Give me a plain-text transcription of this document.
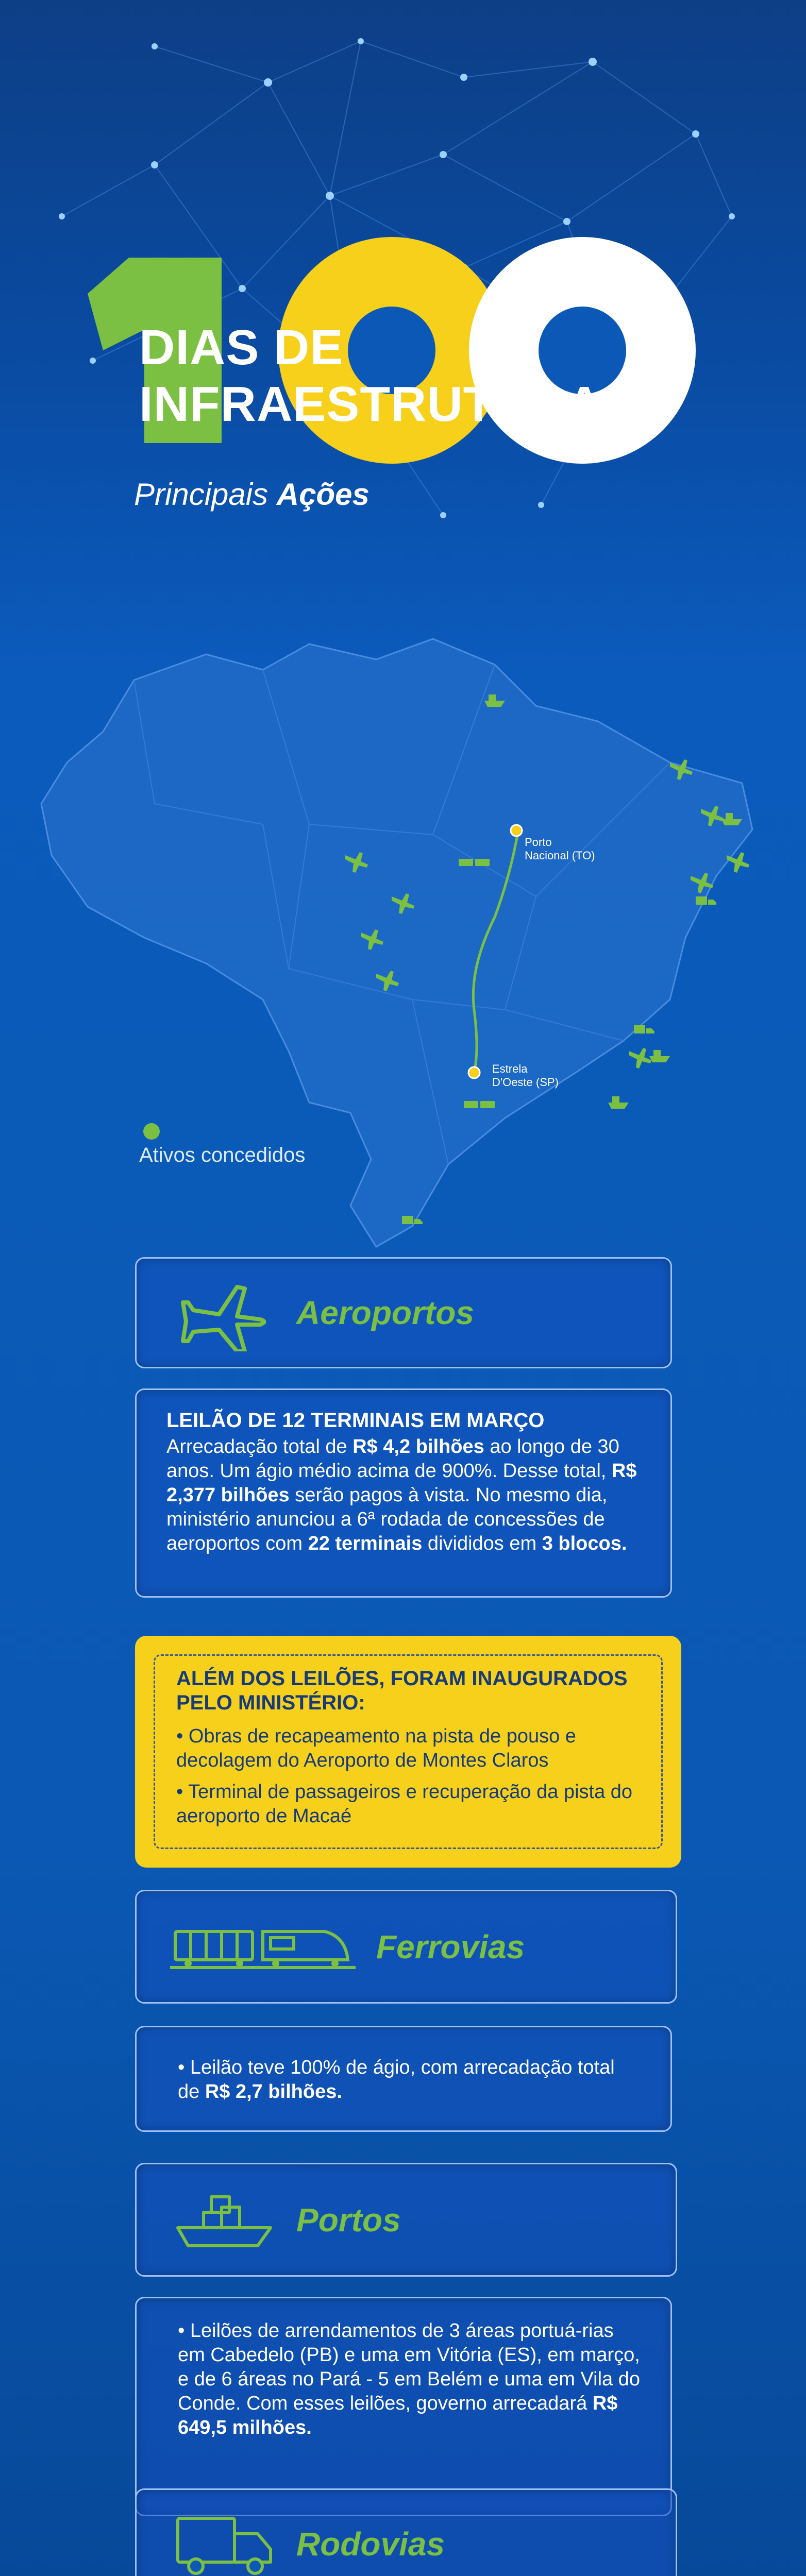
DIAS DE INFRAESTRUTURA
Principais Ações
Porto
Nacional (TO)
Estrela
D'Oeste (SP)
Ativos concedidos
Aeroportos

LEILÃO DE 12 TERMINAIS EM MARÇO

Arrecadação total de R$ 4,2 bilhões ao longo de 30 anos. Um ágio médio acima de 900%. Desse total, R$ 2,377 bilhões serão pagos à vista. No mesmo dia, ministério anunciou a 6ª rodada de concessões de aeroportos com 22 terminais divididos em 3 blocos.

ALÉM DOS LEILÕES, FORAM INAUGURADOS PELO MINISTÉRIO:

• Obras de recapeamento na pista de pouso e decolagem do Aeroporto de Montes Claros

• Terminal de passageiros e recuperação da pista do aeroporto de Macaé

Ferrovias

• Leilão teve 100% de ágio, com arrecadação total de R$ 2,7 bilhões.

Portos

• Leilões de arrendamentos de 3 áreas portuá-rias em Cabedelo (PB) e uma em Vitória (ES), em março, e de 6 áreas no Pará - 5 em Belém e uma em Vila do Conde. Com esses leilões, governo arrecadará R$ 649,5 milhões.

Rodovias
